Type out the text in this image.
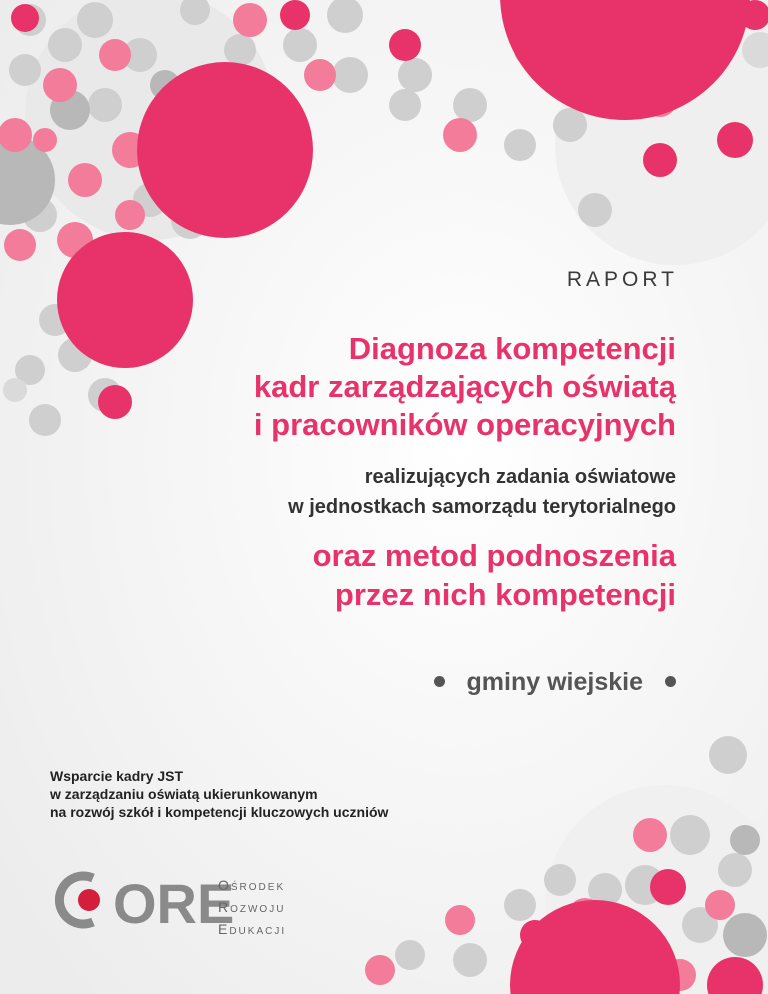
RAPORT
Diagnoza kompetencji
kadr zarządzających oświatą
i pracowników operacyjnych
realizujących zadania oświatowe
w jednostkach samorządu terytorialnego
oraz metod podnoszenia
przez nich kompetencji
gminy wiejskie
Wsparcie kadry JST
w zarządzaniu oświatą ukierunkowanym
na rozwój szkół i kompetencji kluczowych uczniów
ORE
Ośrodek
Rozwoju
Edukacji
